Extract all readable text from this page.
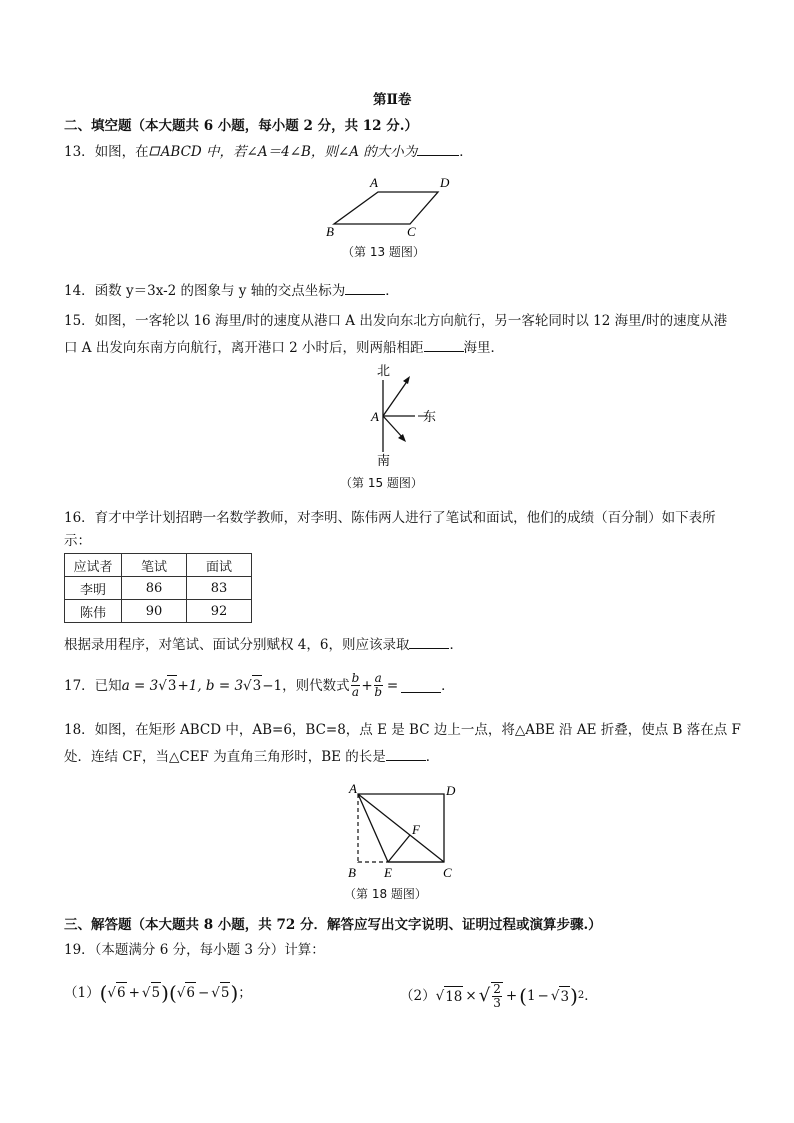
第Ⅱ卷
二、填空题（本大题共 6 小题，每小题 2 分，共 12 分.）
13．如图，在 ABCD 中，若∠A＝4∠B，则∠A 的大小为	．
A	D
B	C
（第 13 题图）
14．函数 y＝3x-2 的图象与 y 轴的交点坐标为	．
15．如图，一客轮以 16 海里/时的速度从港口 A 出发向东北方向航行，另一客轮同时以 12 海里/时的速度从港
口 A 出发向东南方向航行，离开港口 2 小时后，则两船相距	海里．
北
东
A
南
（第 15 题图）
16．育才中学计划招聘一名数学教师，对李明、陈伟两人进行了笔试和面试，他们的成绩（百分制）如下表所
示：
应试者	笔试	面试
李明	86	83
陈伟	90	92
根据录用程序，对笔试、面试分别赋权 4，6，则应该录取	．
17．已知 a = 3 √ 3 +1, b = 3 √ 3 −1，则代数式 $\frac{b}{a} + \frac{a}{b}$ =	．
18．如图，在矩形 ABCD 中，AB=6，BC=8，点 E 是 BC 边上一点，将△ABE 沿 AE 折叠，使点 B 落在点 F
处．连结 CF，当△CEF 为直角三角形时，BE 的长是	．
A	D
B E	C
F
（第 18 题图）
三、解答题（本大题共 8 小题，共 72 分．解答应写出文字说明、证明过程或演算步骤.）
19．（本题满分 6 分，每小题 3 分）计算：
（1） ( √ 6 + √ 5 ) ( √ 6 − √ 5 ) ；	（2） √ 18 × √ $\frac{2}{3}$ + ( 1 − √ 3 ) 2 ．
